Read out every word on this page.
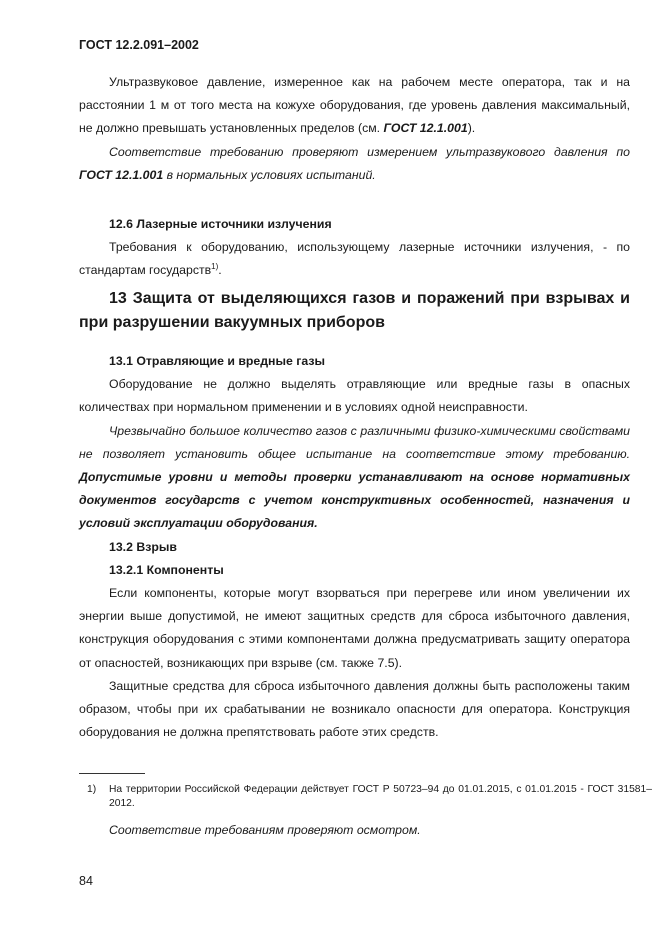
ГОСТ 12.2.091–2002

Ультразвуковое давление, измеренное как на рабочем месте оператора, так и на расстоянии 1 м от того места на кожухе оборудования, где уровень давления максимальный, не должно превышать установленных пределов (см. ГОСТ 12.1.001).

Соответствие требованию проверяют измерением ультразвукового давления по ГОСТ 12.1.001 в нормальных условиях испытаний.

12.6 Лазерные источники излучения

Требования к оборудованию, использующему лазерные источники излучения, - по стандартам государств$^{1)}$.

13 Защита от выделяющихся газов и поражений при взрывах и при разрушении вакуумных приборов
13.1 Отравляющие и вредные газы

Оборудование не должно выделять отравляющие или вредные газы в опасных количествах при нормальном применении и в условиях одной неисправности.

Чрезвычайно большое количество газов с различными физико-химическими свойствами не позволяет установить общее испытание на соответствие этому требованию. Допустимые уровни и методы проверки устанавливают на основе нормативных документов государств с учетом конструктивных особенностей, назначения и условий эксплуатации оборудования.

13.2 Взрыв
13.2.1 Компоненты

Если компоненты, которые могут взорваться при перегреве или ином увеличении их энергии выше допустимой, не имеют защитных средств для сброса избыточного давления, конструкция оборудования с этими компонентами должна предусматривать защиту оператора от опасностей, возникающих при взрыве (см. также 7.5).

Защитные средства для сброса избыточного давления должны быть расположены таким образом, чтобы при их срабатывании не возникало опасности для оператора. Конструкция оборудования не должна препятствовать работе этих средств.

1) На территории Российской Федерации действует ГОСТ Р 50723–94 до 01.01.2015, с 01.01.2015 - ГОСТ 31581–2012.

Соответствие требованиям проверяют осмотром.

84
